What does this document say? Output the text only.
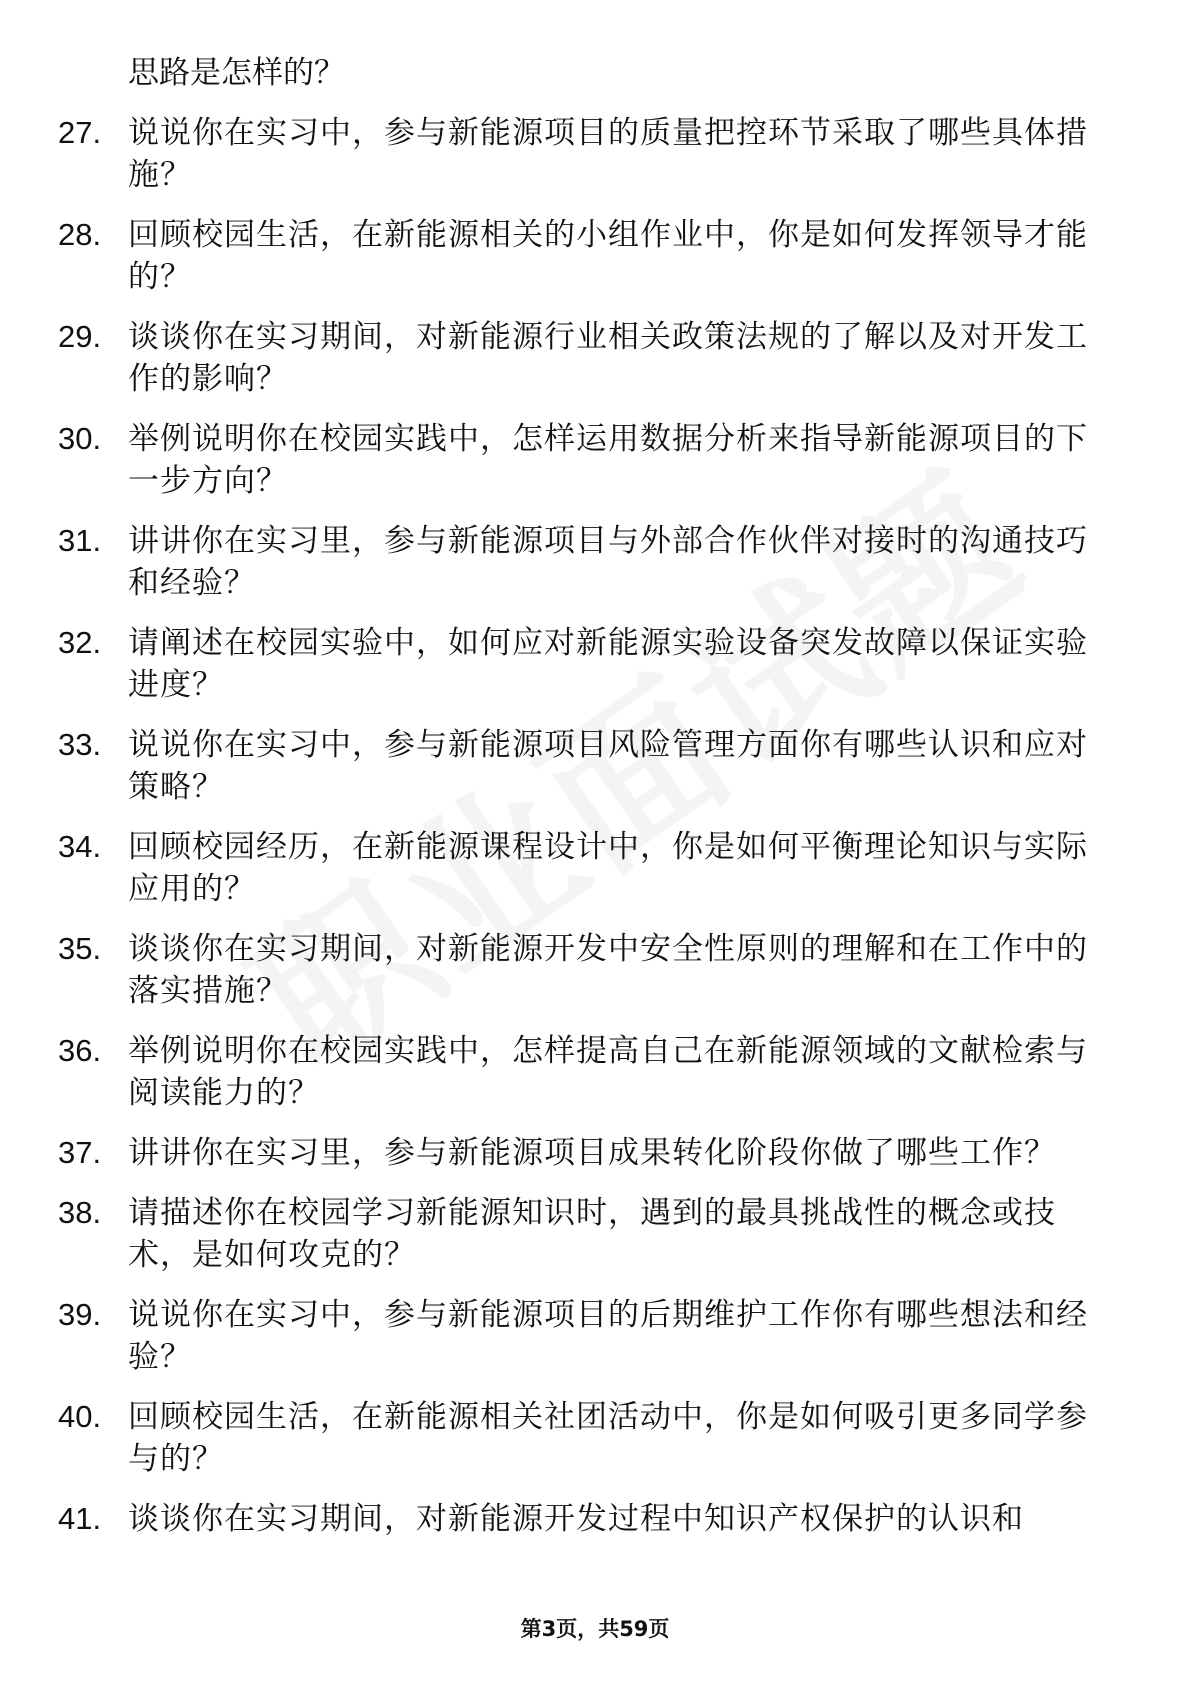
思路是怎样的？
27. 说说你在实习中，参与新能源项目的质量把控环节采取了哪些具体措施？
28. 回顾校园生活，在新能源相关的小组作业中，你是如何发挥领导才能的？
29. 谈谈你在实习期间，对新能源行业相关政策法规的了解以及对开发工作的影响？
30. 举例说明你在校园实践中，怎样运用数据分析来指导新能源项目的下一步方向？
31. 讲讲你在实习里，参与新能源项目与外部合作伙伴对接时的沟通技巧和经验？
32. 请阐述在校园实验中，如何应对新能源实验设备突发故障以保证实验进度？
33. 说说你在实习中，参与新能源项目风险管理方面你有哪些认识和应对策略？
34. 回顾校园经历，在新能源课程设计中，你是如何平衡理论知识与实际应用的？
35. 谈谈你在实习期间，对新能源开发中安全性原则的理解和在工作中的落实措施？
36. 举例说明你在校园实践中，怎样提高自己在新能源领域的文献检索与阅读能力的？
37. 讲讲你在实习里，参与新能源项目成果转化阶段你做了哪些工作？
38. 请描述你在校园学习新能源知识时，遇到的最具挑战性的概念或技术，是如何攻克的？
39. 说说你在实习中，参与新能源项目的后期维护工作你有哪些想法和经验？
40. 回顾校园生活，在新能源相关社团活动中，你是如何吸引更多同学参与的？
41. 谈谈你在实习期间，对新能源开发过程中知识产权保护的认识和
第3页，共59页
